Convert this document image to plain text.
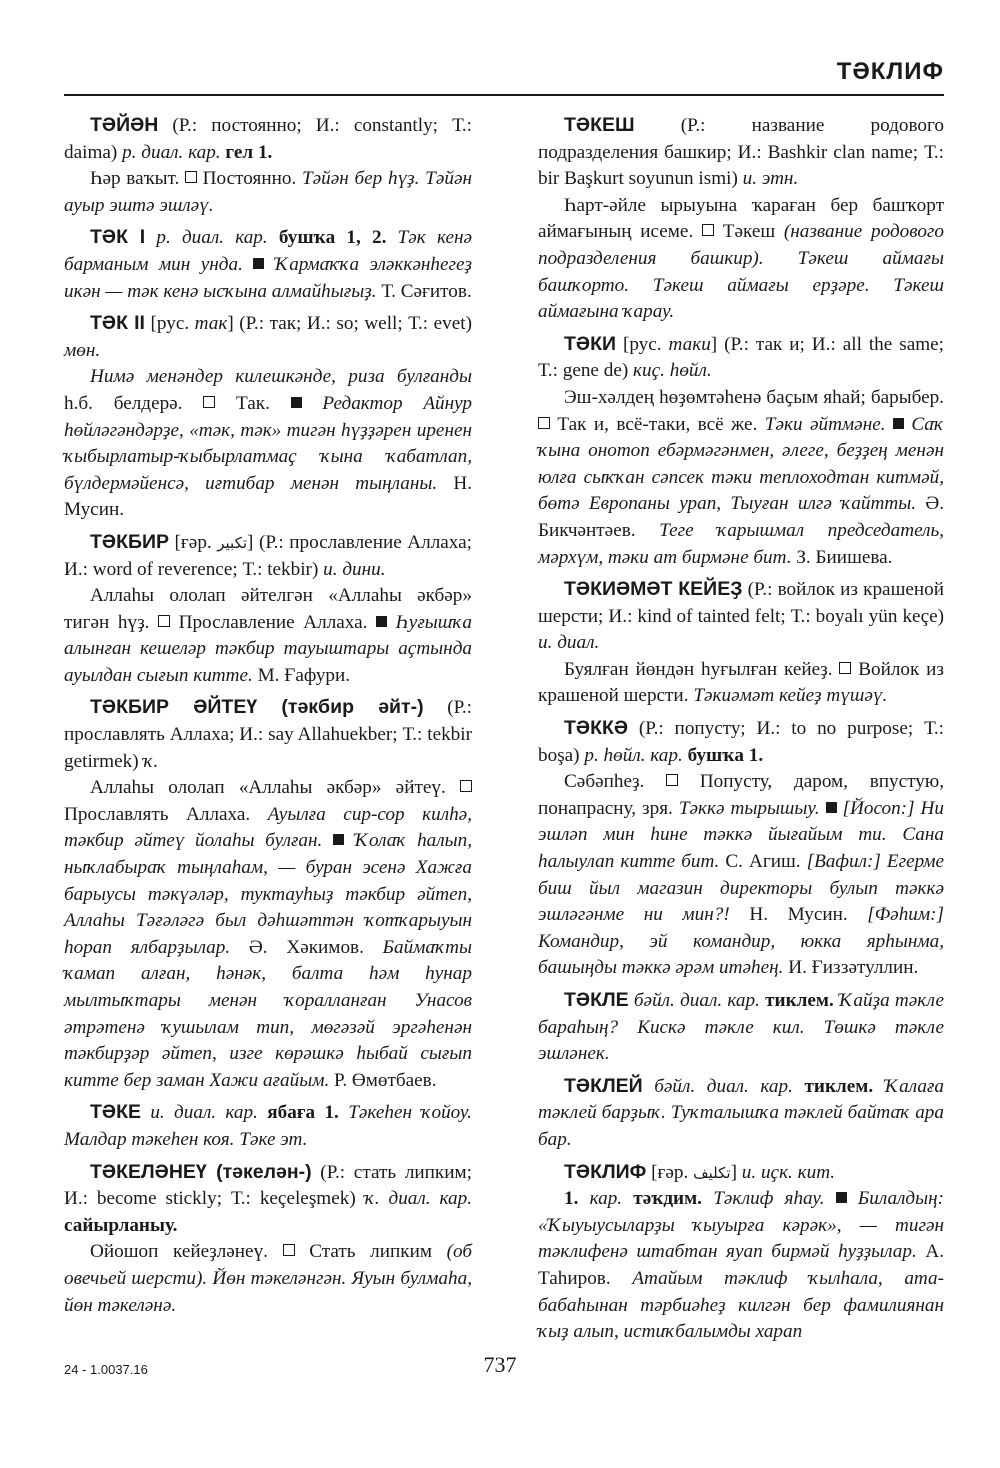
ТӘКЛИФ

ТӘЙӘН (Р.: постоянно; И.: constantly; Т.: daima) р. диал. кар. гел 1.

Һәр ваҡыт.  Постоянно. Тәйән бер һүҙ. Тәйән ауыр эштә эшләү.

ТӘК I р. диал. кар. бушҡа 1, 2. Тәк кенә барманым мин унда.  Ҡармаҡҡа эләккәнһегеҙ икән — тәк кенә ысҡына алмайһығыҙ. Т. Сәғитов.

ТӘК II [рус. так] (Р.: так; И.: so; well; Т.: evet) мөн.

Нимә менәндер килешкәнде, риза булғанды һ.б. белдерә.  Так.  Редактор Айнур һөйләгәндәрҙе, «тәк, тәк» тигән һүҙҙәрен иренен ҡыбырлатыр-ҡыбырлатмаҫ ҡына ҡабатлап, бүлдермәйенсә, иғтибар менән тыңланы. Н. Мусин.

ТӘКБИР [ғәр. تكبير] (Р.: прославление Аллаха; И.: word of reverence; Т.: tekbir) и. дини.

Аллаһы ололап әйтелгән «Аллаһы әкбәр» тигән һүҙ.  Прославление Аллаха.  Һуғышҡа алынған кешеләр тәкбир тауыштары аҫтында ауылдан сығып китте. М. Ғафури.

ТӘКБИР ӘЙТЕҮ (тәкбир әйт-) (Р.: прославлять Аллаха; И.: say Allahuekber; Т.: tekbir getirmek) ҡ.

Аллаһы ололап «Аллаһы әкбәр» әйтеү.  Прославлять Аллаха. Ауылға сир-сор килһә, тәкбир әйтеү йолаһы булған.  Ҡолаҡ һалып, ныҡлабыраҡ тыңлаһам, — буран эсенә Хажға барыусы тәкүәләр, туктауһыҙ тәкбир әйтеп, Аллаһы Тәғәләгә был дәһшәттән ҡотҡарыуын һорап ялбарҙылар. Ә. Хәкимов. Баймаҡты ҡамап алған, һәнәк, балта һәм һунар мылтыҡтары менән ҡоралланған Унасов әтрәтенә ҡушылам тип, мөгәзәй эргәһенән тәкбирҙәр әйтеп, изге көрәшкә һыбай сығып китте бер заман Хажи ағайым. Р. Өмөтбаев.

ТӘКЕ и. диал. кар. ябаға 1. Тәкеһен ҡойоу. Малдар тәкеһен коя. Тәке эт.

ТӘКЕЛӘНЕҮ (тәкелән-) (Р.: стать липким; И.: become stickly; Т.: keçeleşmek) ҡ. диал. кар. сайырланыу.

Ойошоп кейеҙләнеү.  Стать липким (об овечьей шерсти). Йөн тәкеләнгән. Яуын булмаһа, йөн тәкеләнә.

ТӘКЕШ (Р.: название родового подразделения башкир; И.: Bashkir clan name; Т.: bir Başkurt soyunun ismi) и. этн.

Һарт-әйле ырыуына ҡараған бер башҡорт аймағының исеме.  Тәкеш (название родового подразделения башкир). Тәкеш аймағы башҡорто. Тәкеш аймағы ерҙәре. Тәкеш аймағына ҡарау.

ТӘКИ [рус. таки] (Р.: так и; И.: all the same; Т.: gene de) киҫ. һөйл.

Эш-хәлдең һөҙөмтәһенә баҫым яһай; барыбер.  Так и, всё-таки, всё же. Тәки әйтмәне.  Саҡ ҡына онотоп ебәрмәгәнмен, әлеге, беҙҙең менән юлға сыҡҡан сәпсек тәки теплоходтан китмәй, бөтә Европаны урап, Тыуған илгә ҡайтты. Ә. Бикчәнтәев. Теге ҡарышмал председатель, мәрхүм, тәки ат бирмәне бит. З. Биишева.

ТӘКИӘМӘТ КЕЙЕҘ (Р.: войлок из крашеной шерсти; И.: kind of tainted felt; Т.: boyalı yün keçe) и. диал.

Буялған йөндән һуғылған кейеҙ.  Войлок из крашеной шерсти. Тәкиәмәт кейеҙ түшәү.

ТӘККӘ (Р.: попусту; И.: to no purpose; Т.: boşa) р. һөйл. кар. бушҡа 1.

Сәбәпһеҙ.  Попусту, даром, впустую, понапрасну, зря. Тәккә тырышыу.  [Йосоп:] Ни эшләп мин һине тәккә йығайым ти. Сана һалыулап китте бит. С. Агиш. [Вафил:] Егерме биш йыл магазин директоры булып тәккә эшләгәнме ни мин?! Н. Мусин. [Фәһим:] Командир, эй командир, юкка ярһынма, башыңды тәккә әрәм итәһең. И. Ғиззәтуллин.

ТӘКЛЕ бәйл. диал. кар. тиклем. Ҡайҙа тәкле бараһың? Кискә тәкле кил. Төшкә тәкле эшләнек.

ТӘКЛЕЙ бәйл. диал. кар. тиклем. Ҡалаға тәклей барҙыҡ. Туҡталышҡа тәклей байтаҡ ара бар.

ТӘКЛИФ [ғәр. تكليف] и. иҫк. кит.

1. кар. тәҡдим. Тәклиф яһау.  Билалдың: «Ҡыуыусыларҙы ҡыуырға кәрәк», — тигән тәклифенә штабтан яуап бирмәй һуҙҙылар. А. Таһиров. Атайым тәклиф ҡылһала, ата-бабаһынан тәрбиәһеҙ килгән бер фамилиянан ҡыҙ алып, истиҡбалымды харап

24 - 1.0037.16	737
